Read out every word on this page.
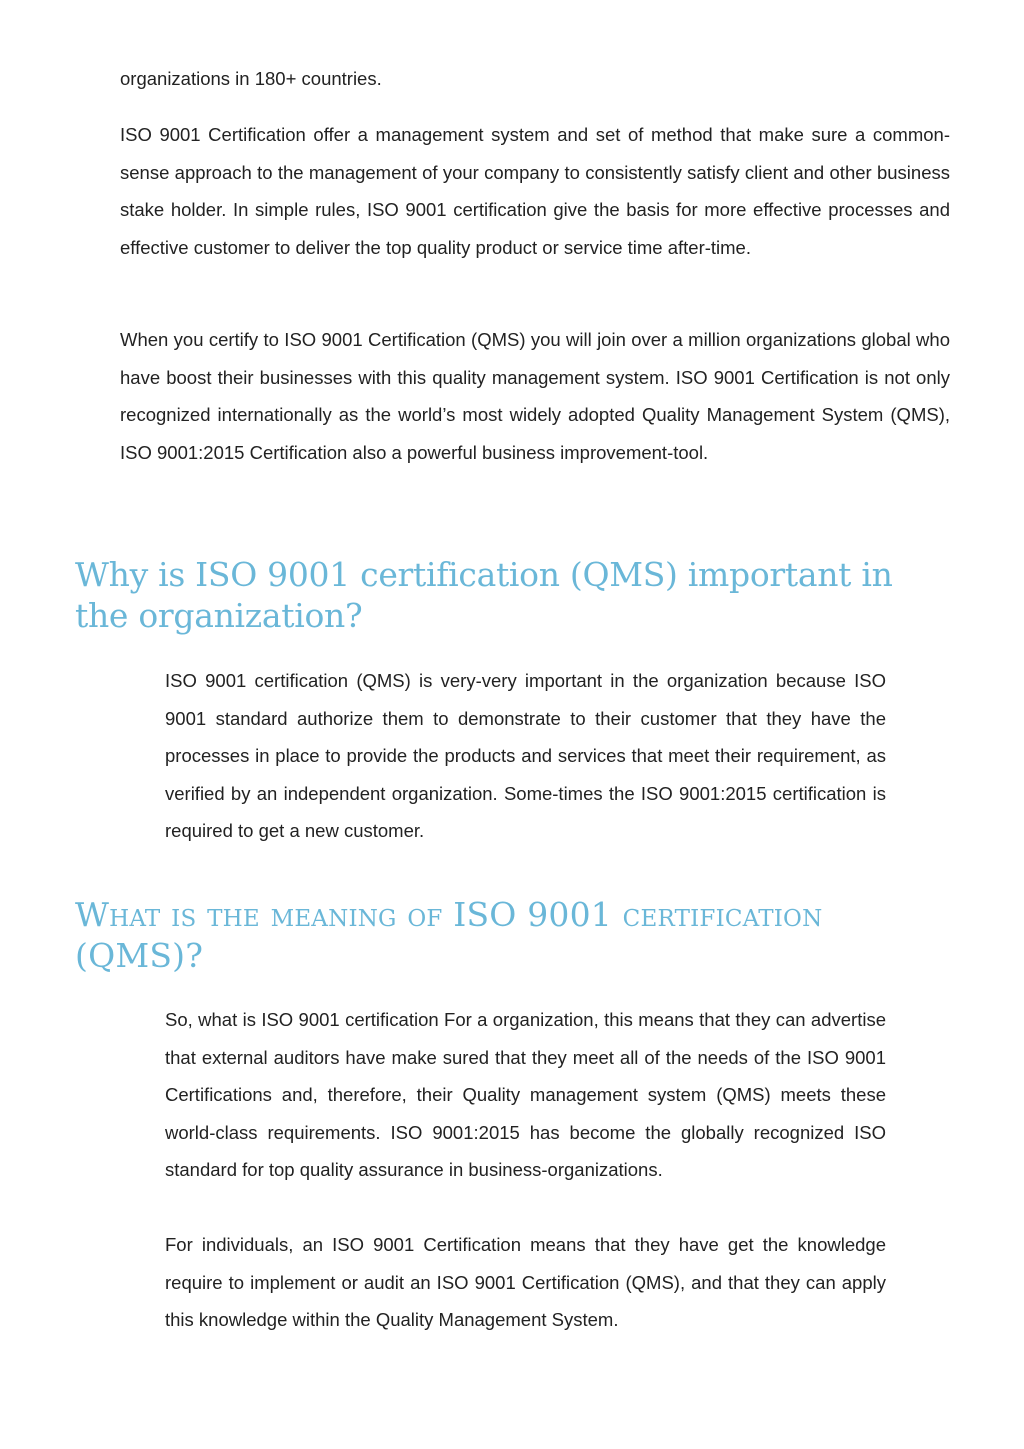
organizations in 180+ countries.

ISO 9001 Certification offer a management system and set of method that make sure a common-sense approach to the management of your company to consistently satisfy client and other business stake holder. In simple rules, ISO 9001 certification give the basis for more effective processes and effective customer to deliver the top quality product or service time after-time.

When you certify to ISO 9001 Certification (QMS) you will join over a million organizations global who have boost their businesses with this quality management system. ISO 9001 Certification is not only recognized internationally as the world’s most widely adopted Quality Management System (QMS), ISO 9001:2015 Certification also a powerful business improvement-tool.

Why is ISO 9001 certification (QMS) important in the organization?

ISO 9001 certification (QMS) is very-very important in the organization because ISO 9001 standard authorize them to demonstrate to their customer that they have the processes in place to provide the products and services that meet their requirement, as verified by an independent organization. Some-times the ISO 9001:2015 certification is required to get a new customer.

What is the meaning of ISO 9001 certification (QMS)?

So, what is ISO 9001 certification For a organization, this means that they can advertise that external auditors have make sured that they meet all of the needs of the ISO 9001 Certifications and, therefore, their Quality management system (QMS) meets these world-class requirements. ISO 9001:2015 has become the globally recognized ISO standard for top quality assurance in business-organizations.

For individuals, an ISO 9001 Certification means that they have get the knowledge require to implement or audit an ISO 9001 Certification (QMS), and that they can apply this knowledge within the Quality Management System.
